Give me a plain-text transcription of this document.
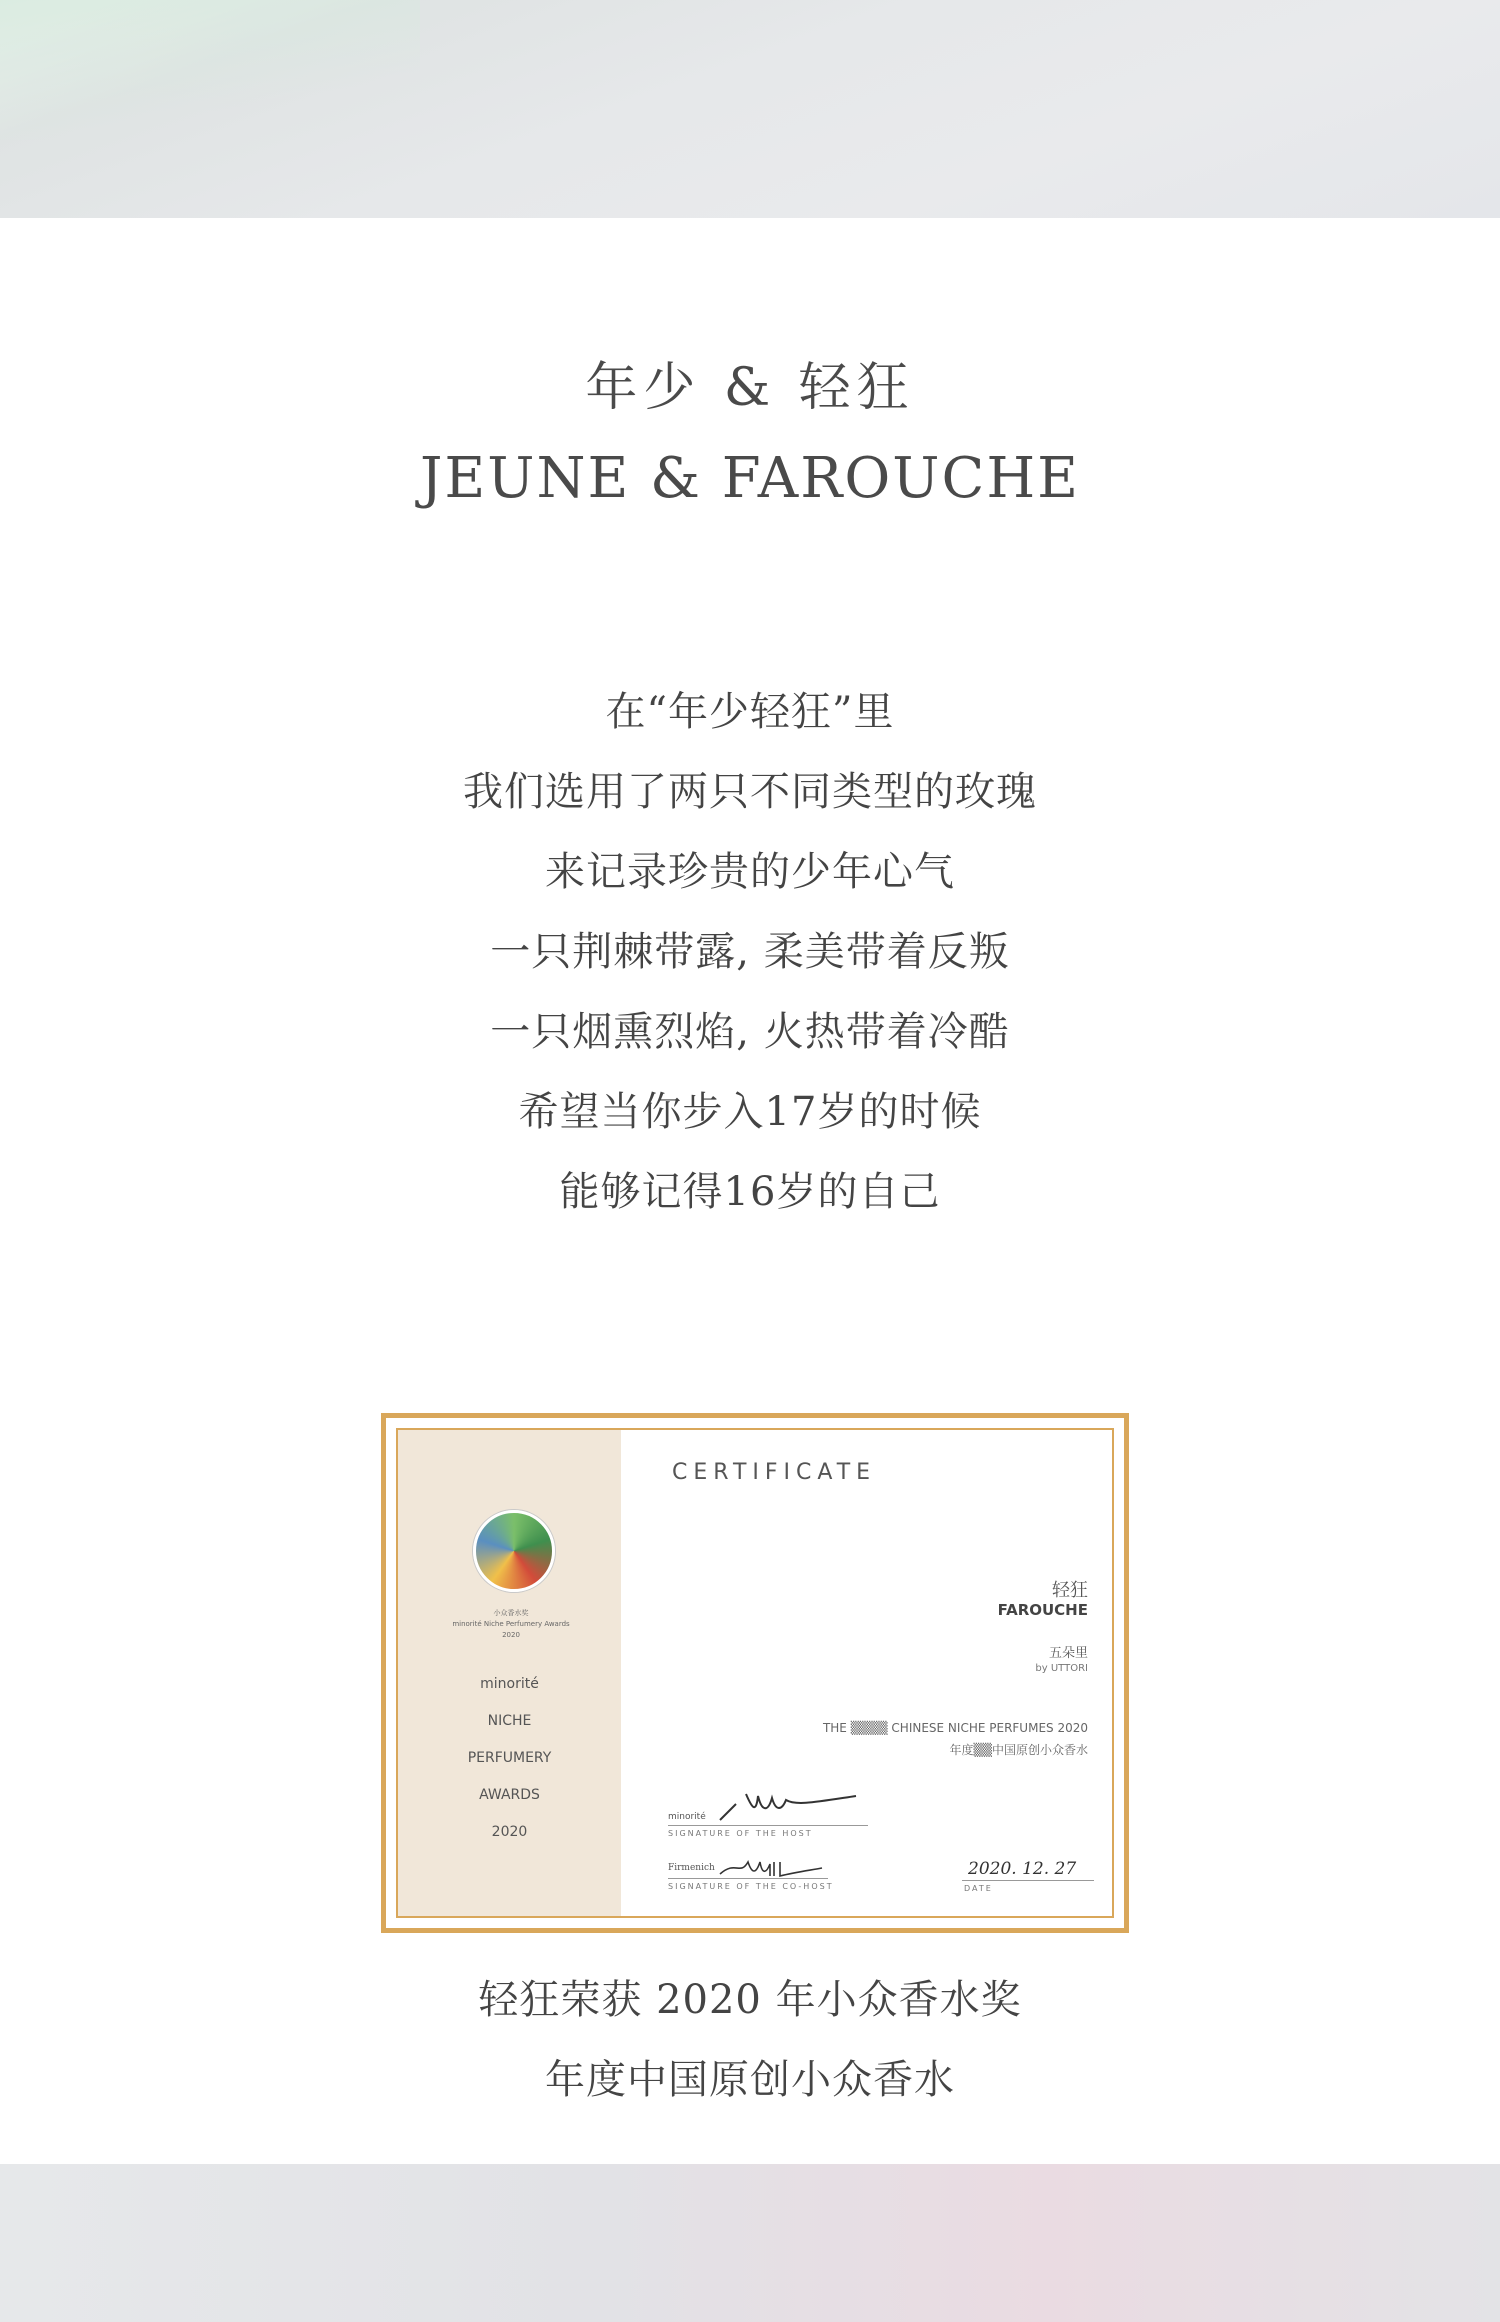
年少 & 轻狂
JEUNE & FAROUCHE
在“年少轻狂”里
我们选用了两只不同类型的玫瑰
来记录珍贵的少年心气
一只荆棘带露, 柔美带着反叛
一只烟熏烈焰, 火热带着冷酷
希望当你步入17岁的时候
能够记得16岁的自己
小众香水奖
minorité Niche Perfumery Awards
2020
minorité
NICHE
PERFUMERY
AWARDS
2020
CERTIFICATE
轻狂
FAROUCHE
五朵里
by UTTORI
THE ▒▒▒▒ CHINESE NICHE PERFUMES 2020
年度▒▒中国原创小众香水
minorité
SIGNATURE OF THE HOST
Firmenich
SIGNATURE OF THE CO-HOST
2020. 12. 27
DATE
轻狂荣获 2020 年小众香水奖
年度中国原创小众香水
